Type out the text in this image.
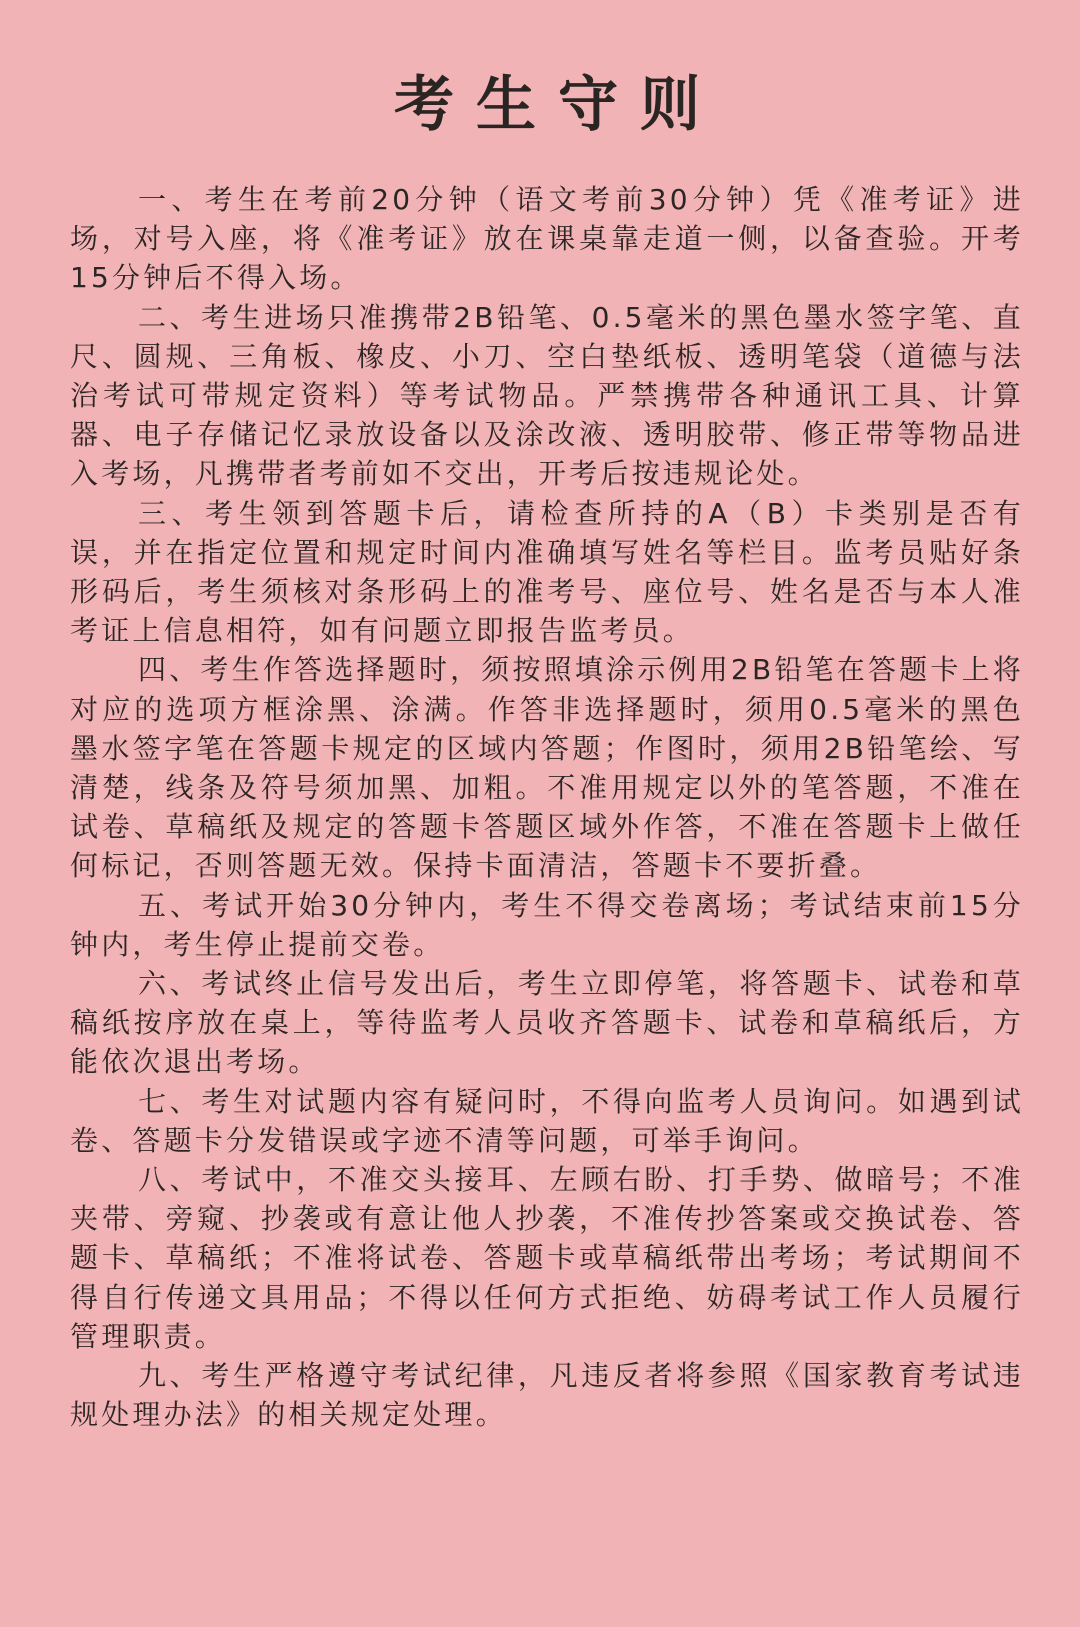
考生守则

一、考生在考前20分钟（语文考前30分钟）凭《准考证》进场，对号入座，将《准考证》放在课桌靠走道一侧，以备查验。开考15分钟后不得入场。

二、考生进场只准携带2B铅笔、0.5毫米的黑色墨水签字笔、直尺、圆规、三角板、橡皮、小刀、空白垫纸板、透明笔袋（道德与法治考试可带规定资料）等考试物品。严禁携带各种通讯工具、计算器、电子存储记忆录放设备以及涂改液、透明胶带、修正带等物品进入考场，凡携带者考前如不交出，开考后按违规论处。

三、考生领到答题卡后，请检查所持的A（B）卡类别是否有误，并在指定位置和规定时间内准确填写姓名等栏目。监考员贴好条形码后，考生须核对条形码上的准考号、座位号、姓名是否与本人准考证上信息相符，如有问题立即报告监考员。

四、考生作答选择题时，须按照填涂示例用2B铅笔在答题卡上将对应的选项方框涂黑、涂满。作答非选择题时，须用0.5毫米的黑色墨水签字笔在答题卡规定的区域内答题；作图时，须用2B铅笔绘、写清楚，线条及符号须加黑、加粗。不准用规定以外的笔答题，不准在试卷、草稿纸及规定的答题卡答题区域外作答，不准在答题卡上做任何标记，否则答题无效。保持卡面清洁，答题卡不要折叠。

五、考试开始30分钟内，考生不得交卷离场；考试结束前15分钟内，考生停止提前交卷。

六、考试终止信号发出后，考生立即停笔，将答题卡、试卷和草稿纸按序放在桌上，等待监考人员收齐答题卡、试卷和草稿纸后，方能依次退出考场。

七、考生对试题内容有疑问时，不得向监考人员询问。如遇到试卷、答题卡分发错误或字迹不清等问题，可举手询问。

八、考试中，不准交头接耳、左顾右盼、打手势、做暗号；不准夹带、旁窥、抄袭或有意让他人抄袭，不准传抄答案或交换试卷、答题卡、草稿纸；不准将试卷、答题卡或草稿纸带出考场；考试期间不得自行传递文具用品；不得以任何方式拒绝、妨碍考试工作人员履行管理职责。

九、考生严格遵守考试纪律，凡违反者将参照《国家教育考试违规处理办法》的相关规定处理。
